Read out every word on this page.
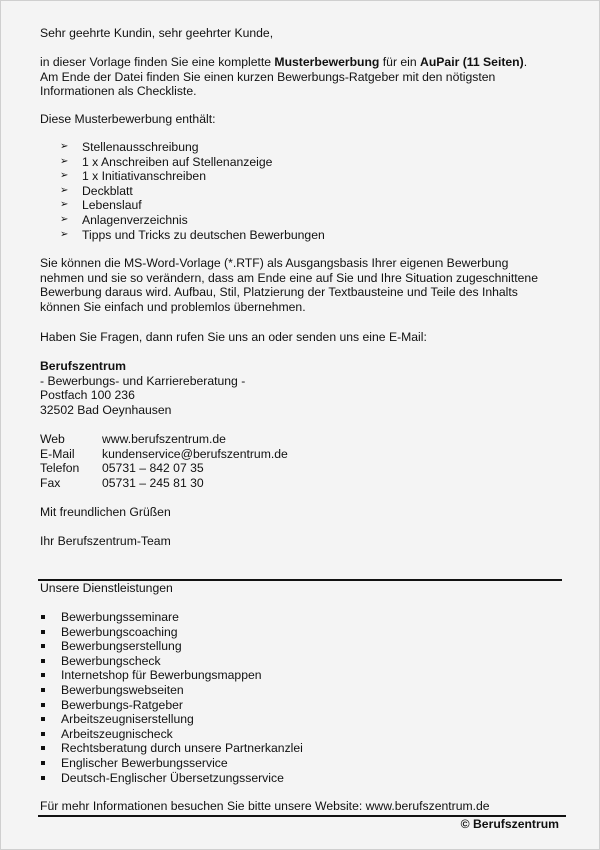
Sehr geehrte Kundin, sehr geehrter Kunde,

in dieser Vorlage finden Sie eine komplette Musterbewerbung für ein AuPair (11 Seiten).
Am Ende der Datei finden Sie einen kurzen Bewerbungs-Ratgeber mit den nötigsten
Informationen als Checkliste.

Diese Musterbewerbung enthält:

➢ Stellenausschreibung
➢ 1 x Anschreiben auf Stellenanzeige
➢ 1 x Initiativanschreiben
➢ Deckblatt
➢ Lebenslauf
➢ Anlagenverzeichnis
➢ Tipps und Tricks zu deutschen Bewerbungen
Sie können die MS-Word-Vorlage (*.RTF) als Ausgangsbasis Ihrer eigenen Bewerbung
nehmen und sie so verändern, dass am Ende eine auf Sie und Ihre Situation zugeschnittene
Bewerbung daraus wird. Aufbau, Stil, Platzierung der Textbausteine und Teile des Inhalts
können Sie einfach und problemlos übernehmen.

Haben Sie Fragen, dann rufen Sie uns an oder senden uns eine E-Mail:

Berufszentrum
- Bewerbungs- und Karriereberatung -
Postfach 100 236
32502 Bad Oeynhausen
Web	www.berufszentrum.de
E-Mail	kundenservice@berufszentrum.de
Telefon	05731 – 842 07 35
Fax	05731 – 245 81 30

Mit freundlichen Grüßen

Ihr Berufszentrum-Team

Unsere Dienstleistungen

Bewerbungsseminare
Bewerbungscoaching
Bewerbungserstellung
Bewerbungscheck
Internetshop für Bewerbungsmappen
Bewerbungswebseiten
Bewerbungs-Ratgeber
Arbeitszeugniserstellung
Arbeitszeugnischeck
Rechtsberatung durch unsere Partnerkanzlei
Englischer Bewerbungsservice
Deutsch-Englischer Übersetzungsservice

Für mehr Informationen besuchen Sie bitte unsere Website: www.berufszentrum.de

© Berufszentrum
